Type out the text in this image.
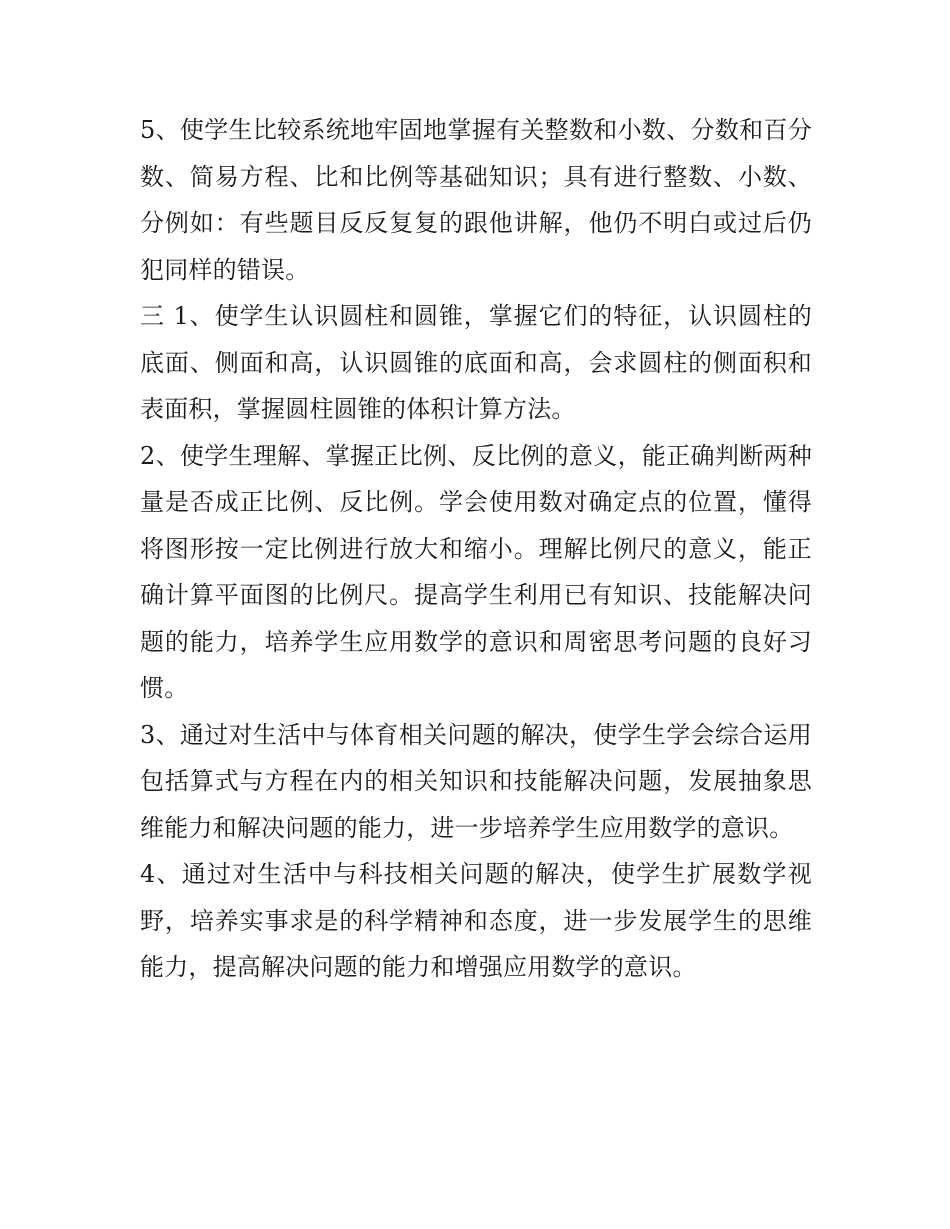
5、使学生比较系统地牢固地掌握有关整数和小数、分数和百分数、简易方程、比和比例等基础知识；具有进行整数、小数、分例如：有些题目反反复复的跟他讲解，他仍不明白或过后仍犯同样的错误。

三 1、使学生认识圆柱和圆锥，掌握它们的特征，认识圆柱的底面、侧面和高，认识圆锥的底面和高，会求圆柱的侧面积和表面积，掌握圆柱圆锥的体积计算方法。

2、使学生理解、掌握正比例、反比例的意义，能正确判断两种量是否成正比例、反比例。学会使用数对确定点的位置，懂得将图形按一定比例进行放大和缩小。理解比例尺的意义，能正确计算平面图的比例尺。提高学生利用已有知识、技能解决问题的能力，培养学生应用数学的意识和周密思考问题的良好习惯。

3、通过对生活中与体育相关问题的解决，使学生学会综合运用包括算式与方程在内的相关知识和技能解决问题，发展抽象思维能力和解决问题的能力，进一步培养学生应用数学的意识。

4、通过对生活中与科技相关问题的解决，使学生扩展数学视野，培养实事求是的科学精神和态度，进一步发展学生的思维能力，提高解决问题的能力和增强应用数学的意识。
